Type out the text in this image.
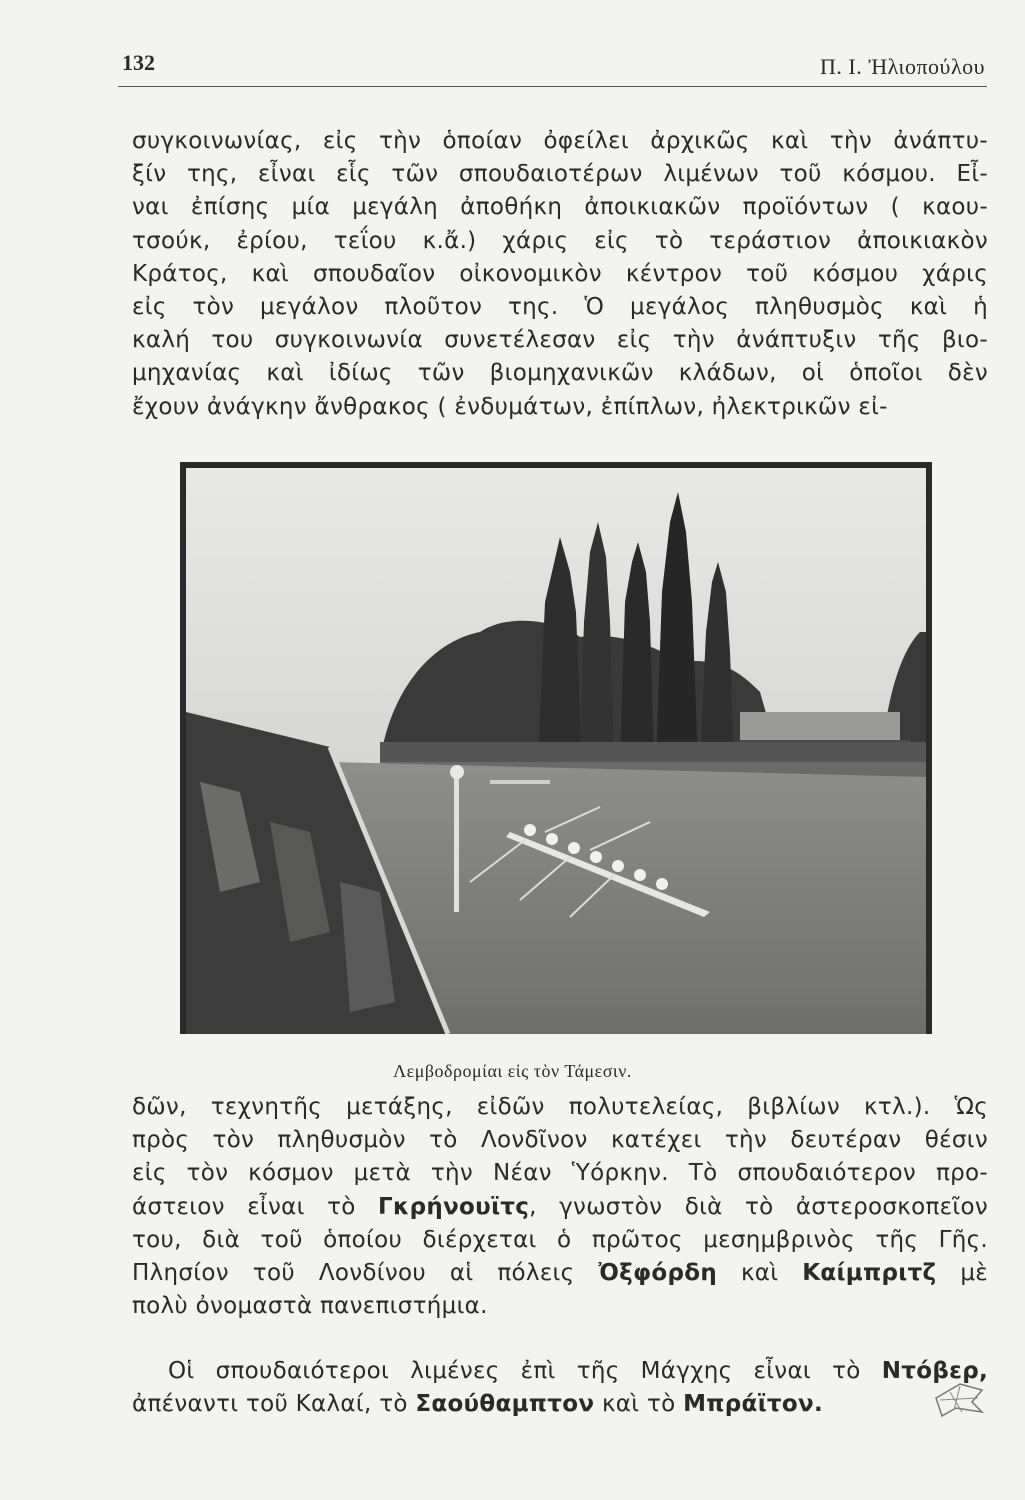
132	Π. Ι. Ἠλιοπούλου
συγκοινωνίας, εἰς τὴν ὁποίαν ὀφείλει ἀρχικῶς καὶ τὴν ἀνάπτυ-
ξίν της, εἶναι εἷς τῶν σπουδαιοτέρων λιμένων τοῦ κόσμου. Εἶ-
ναι ἐπίσης μία μεγάλη ἀποθήκη ἀποικιακῶν προϊόντων ( καου-
τσούκ, ἐρίου, τεΐου κ.ἄ.) χάρις εἰς τὸ τεράστιον ἀποικιακὸν
Κράτος, καὶ σπουδαῖον οἰκονομικὸν κέντρον τοῦ κόσμου χάρις
εἰς τὸν μεγάλον πλοῦτον της. Ὁ μεγάλος πληθυσμὸς καὶ ἡ
καλή του συγκοινωνία συνετέλεσαν εἰς τὴν ἀνάπτυξιν τῆς βιο-
μηχανίας καὶ ἰδίως τῶν βιομηχανικῶν κλάδων, οἱ ὁποῖοι δὲν
ἔχουν ἀνάγκην ἄνθρακος ( ἐνδυμάτων, ἐπίπλων, ἠλεκτρικῶν εἰ-
Λεμβοδρομίαι εἰς τὸν Τάμεσιν.
δῶν, τεχνητῆς μετάξης, εἰδῶν πολυτελείας, βιβλίων κτλ.). Ὡς
πρὸς τὸν πληθυσμὸν τὸ Λονδῖνον κατέχει τὴν δευτέραν θέσιν
εἰς τὸν κόσμον μετὰ τὴν Νέαν Ὑόρκην. Τὸ σπουδαιότερον προ-
άστειον εἶναι τὸ Γκρήνουϊτς, γνωστὸν διὰ τὸ ἀστεροσκοπεῖον
του, διὰ τοῦ ὁποίου διέρχεται ὁ πρῶτος μεσημβρινὸς τῆς Γῆς.
Πλησίον τοῦ Λονδίνου αἱ πόλεις Ὀξφόρδη καὶ Καίμπριτζ μὲ
πολὺ ὀνομαστὰ πανεπιστήμια.
Οἱ σπουδαιότεροι λιμένες ἐπὶ τῆς Μάγχης εἶναι τὸ Ντόβερ,
ἀπέναντι τοῦ Καλαί, τὸ Σαούθαμπτον καὶ τὸ Μπράϊτον.
